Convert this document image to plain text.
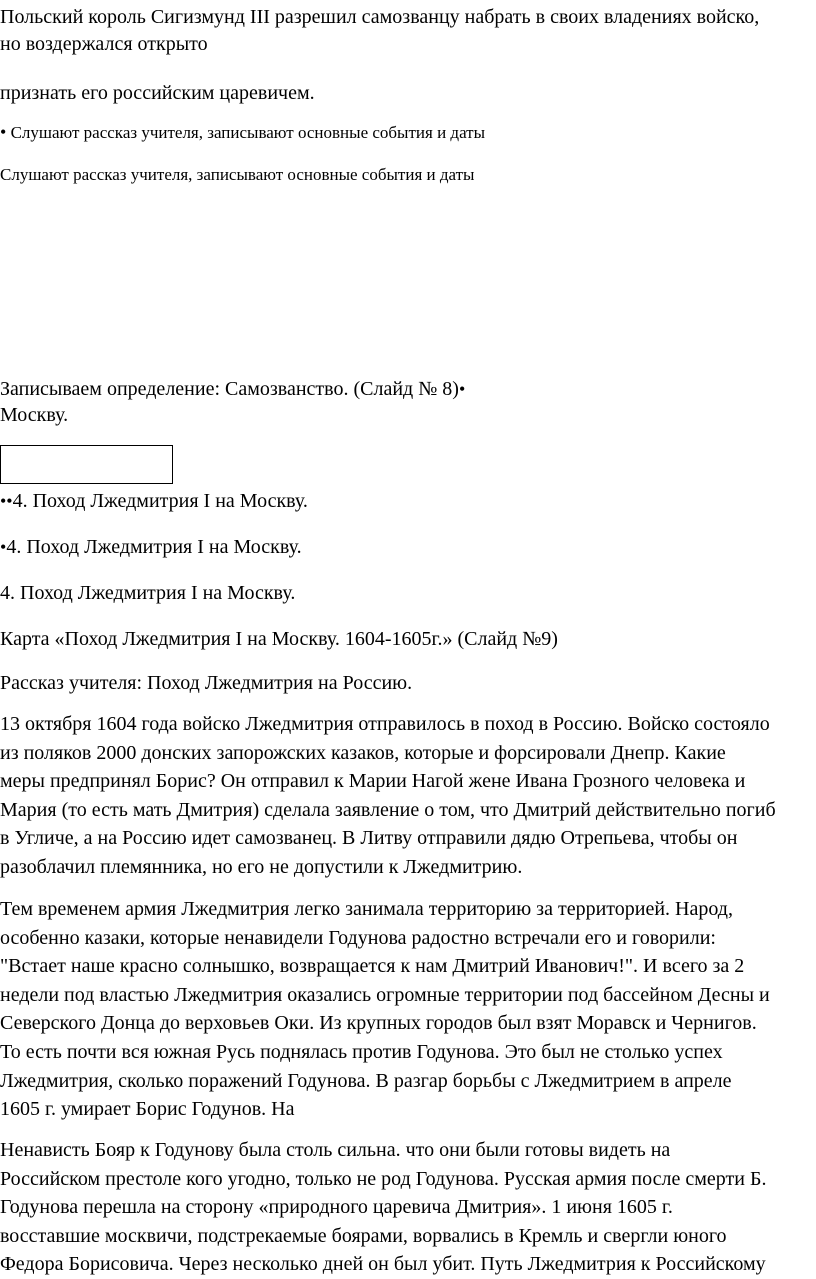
Польский король Сигизмунд III разрешил самозванцу набрать в своих владениях войско,

но воздержался открыто

признать его российским царевичем.

• Слушают рассказ учителя, записывают основные события и даты

Слушают рассказ учителя, записывают основные события и даты

Записываем определение: Самозванство. (Слайд № 8)•

Москву.

••4. Поход Лжедмитрия I на Москву.

•4. Поход Лжедмитрия I на Москву.

4. Поход Лжедмитрия I на Москву.

Карта «Поход Лжедмитрия I на Москву. 1604-1605г.» (Слайд №9)

Рассказ учителя: Поход Лжедмитрия на Россию.

13 октября 1604 года войско Лжедмитрия отправилось в поход в Россию. Войско состояло
из поляков 2000 донских запорожских казаков, которые и форсировали Днепр. Какие
меры предпринял Борис? Он отправил к Марии Нагой жене Ивана Грозного человека и
Мария (то есть мать Дмитрия) сделала заявление о том, что Дмитрий действительно погиб
в Угличе, а на Россию идет самозванец. В Литву отправили дядю Отрепьева, чтобы он
разоблачил племянника, но его не допустили к Лжедмитрию.
Тем временем армия Лжедмитрия легко занимала территорию за территорией. Народ,
особенно казаки, которые ненавидели Годунова радостно встречали его и говорили:
"Встает наше красно солнышко, возвращается к нам Дмитрий Иванович!". И всего за 2
недели под властью Лжедмитрия оказались огромные территории под бассейном Десны и
Северского Донца до верховьев Оки. Из крупных городов был взят Моравск и Чернигов.
То есть почти вся южная Русь поднялась против Годунова. Это был не столько успех
Лжедмитрия, сколько поражений Годунова. В разгар борьбы с Лжедмитрием в апреле
1605 г. умирает Борис Годунов. На
Ненависть Бояр к Годунову была столь сильна. что они были готовы видеть на
Российском престоле кого угодно, только не род Годунова. Русская армия после смерти Б.
Годунова перешла на сторону «природного царевича Дмитрия». 1 июня 1605 г.
восставшие москвичи, подстрекаемые боярами, ворвались в Кремль и свергли юного
Федора Борисовича. Через несколько дней он был убит. Путь Лжедмитрия к Российскому
